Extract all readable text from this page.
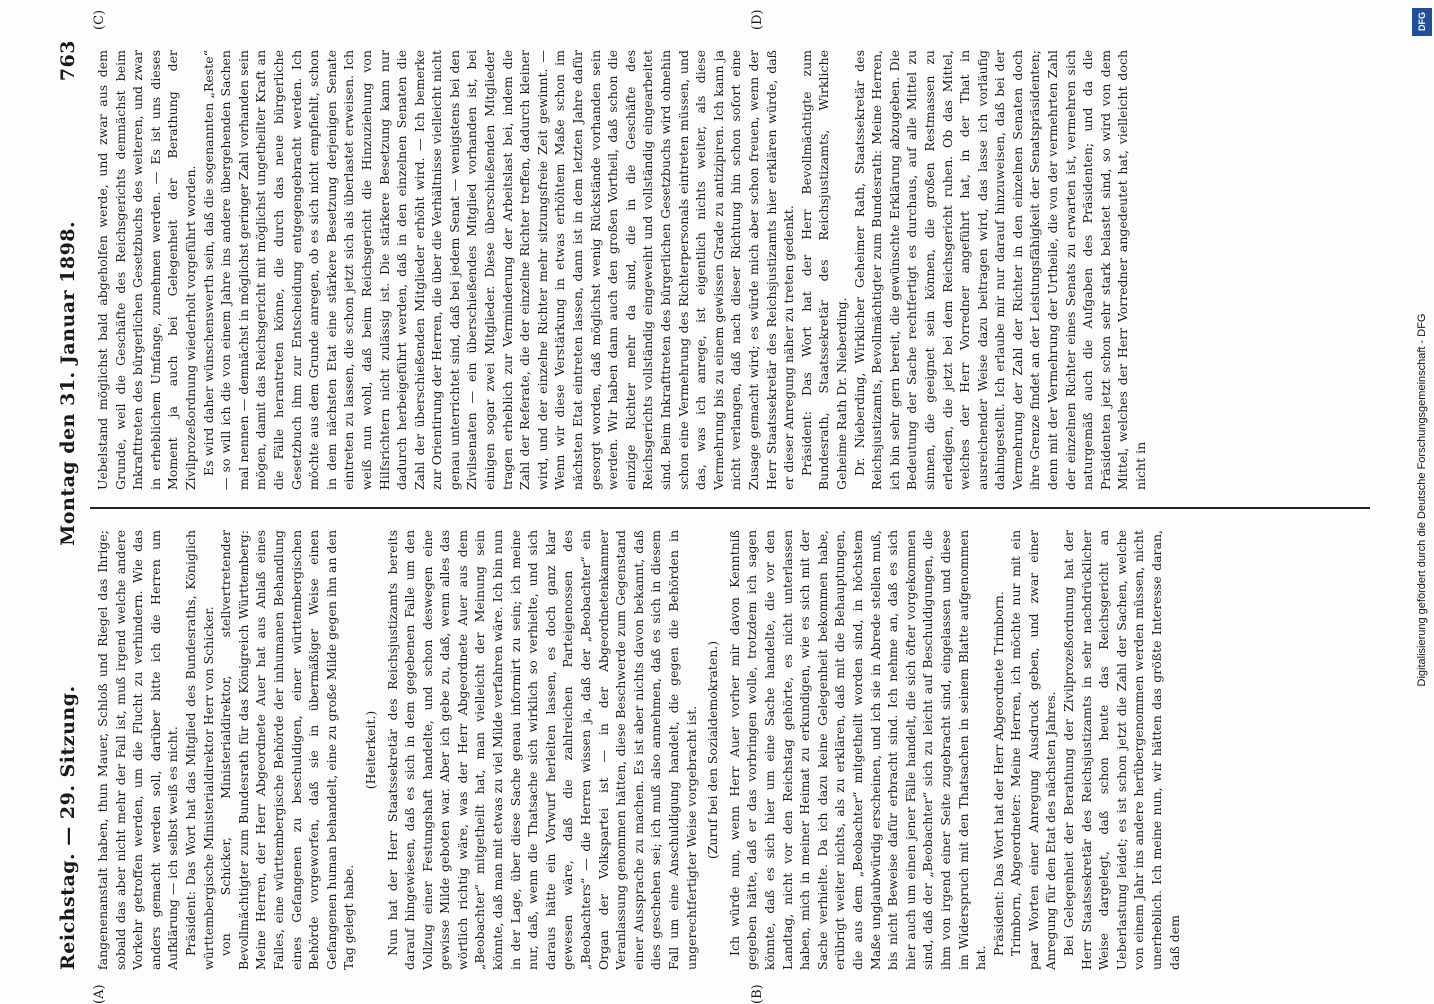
Reichstag. — 29. Sitzung.
Montag den 31. Januar 1898.
763
(A)	(B)
(C)	(D)

fangenenanstalt haben, thun Mauer, Schloß und Riegel das Ihrige; sobald das aber nicht mehr der Fall ist, muß irgend welche andere Vorkehr getroffen werden, um die Flucht zu verhindern. Wie das anders gemacht werden soll, darüber bitte ich die Herren um Aufklärung — ich selbst weiß es nicht. Präsident: Das Wort hat das Mitglied des Bundesraths, Königlich württembergische Ministerialdirektor Herr von Schicker. von Schicker, Ministerialdirektor, stellvertretender Bevollmächtigter zum Bundesrath für das Königreich Württemberg: Meine Herren, der Herr Abgeordnete Auer hat aus Anlaß eines Falles, eine württembergische Behörde der inhumanen Behandlung eines Gefangenen zu beschuldigen, einer württembergischen Behörde vorgeworfen, daß sie in übermäßiger Weise einen Gefangenen human behandelt, eine zu große Milde gegen ihn an den Tag gelegt habe.

(Heiterkeit.) Nun hat der Herr Staatssekretär des Reichsjustizamts bereits darauf hingewiesen, daß es sich in dem gegebenen Falle um den Vollzug einer Festungshaft handelte, und schon deswegen eine gewisse Milde geboten war. Aber ich gebe zu, daß, wenn alles das wörtlich richtig wäre, was der Herr Abgeordnete Auer aus dem „Beobachter“ mitgetheilt hat, man vielleicht der Meinung sein könnte, daß man mit etwas zu viel Milde verfahren wäre. Ich bin nun in der Lage, über diese Sache genau informirt zu sein; ich meine nur, daß, wenn die Thatsache sich wirklich so verhielte, und sich daraus hätte ein Vorwurf herleiten lassen, es doch ganz klar gewesen wäre, daß die zahlreichen Parteigenossen des „Beobachters“ — die Herren wissen ja, daß der „Beobachter“ ein Organ der Volkspartei ist — in der Abgeordnetenkammer Veranlassung genommen hätten, diese Beschwerde zum Gegenstand einer Aussprache zu machen. Es ist aber nichts davon bekannt, daß dies geschehen sei; ich muß also annehmen, daß es sich in diesem Fall um eine Anschuldigung handelt, die gegen die Behörden in ungerechtfertigter Weise vorgebracht ist. (Zuruf bei den Sozialdemokraten.) Ich würde nun, wenn Herr Auer vorher mir davon Kenntniß gegeben hätte, daß er das vorbringen wolle, trotzdem ich sagen könnte, daß es sich hier um eine Sache handelte, die vor den Landtag, nicht vor den Reichstag gehörte, es nicht unterlassen haben, mich in meiner Heimat zu erkundigen, wie es sich mit der Sache verhielte. Da ich dazu keine Gelegenheit bekommen habe, erübrigt weiter nichts, als zu erklären, daß mit die Behauptungen, die aus dem „Beobachter“ mitgetheilt worden sind, in höchstem Maße unglaubwürdig erscheinen, und ich sie in Abrede stellen muß, bis nicht Beweise dafür erbracht sind. Ich nehme an, daß es sich hier auch um einen jener Fälle handelt, die sich öfter vorgekommen sind, daß der „Beobachter“ sich zu leicht auf Beschuldigungen, die ihm von irgend einer Seite zugebracht sind, eingelassen und diese im Widerspruch mit den Thatsachen in seinem Blatte aufgenommen hat.

Präsident: Das Wort hat der Herr Abgeordnete Trimborn. Trimborn, Abgeordneter: Meine Herren, ich möchte nur mit ein paar Worten einer Anregung Ausdruck geben, und zwar einer Anregung für den Etat des nächsten Jahres. Bei Gelegenheit der Berathung der Zivilprozeßordnung hat der Herr Staatssekretär des Reichsjustizamts in sehr nachdrücklicher Weise dargelegt, daß schon heute das Reichsgericht an Ueberlastung leidet; es ist schon jetzt die Zahl der Sachen, welche von einem Jahr ins andere herübergenommen werden müssen, nicht unerheblich. Ich meine nun, wir hätten das größte Interesse daran, daß dem

Uebelstand möglichst bald abgeholfen werde, und zwar aus dem Grunde, weil die Geschäfte des Reichsgerichts demnächst beim Inkrafttreten des bürgerlichen Gesetzbuchs des weiteren, und zwar in erheblichem Umfange, zunehmen werden. — Es ist uns dieses Moment ja auch bei Gelegenheit der Berathung der Zivilprozeßordnung wiederholt vorgeführt worden. Es wird daher wünschenswerth sein, daß die sogenannten „Reste“ — so will ich die von einem Jahre ins andere übergehenden Sachen mal nennen — demnächst in möglichst geringer Zahl vorhanden sein mögen, damit das Reichsgericht mit möglichst ungetheilter Kraft an die Fälle herantreten könne, die durch das neue bürgerliche Gesetzbuch ihm zur Entscheidung entgegengebracht werden. Ich möchte aus dem Grunde anregen, ob es sich nicht empfiehlt, schon in dem nächsten Etat eine stärkere Besetzung derjenigen Senate eintreten zu lassen, die schon jetzt sich als überlastet erweisen. Ich weiß nun wohl, daß beim Reichsgericht die Hinzuziehung von Hilfsrichtern nicht zulässig ist. Die stärkere Besetzung kann nur dadurch herbeigeführt werden, daß in den einzelnen Senaten die Zahl der überschießenden Mitglieder erhöht wird. — Ich bemerke zur Orientirung der Herren, die über die Verhältnisse vielleicht nicht genau unterrichtet sind, daß bei jedem Senat — wenigstens bei den Zivilsenaten — ein überschießendes Mitglied vorhanden ist, bei einigen sogar zwei Mitglieder. Diese überschießenden Mitglieder tragen erheblich zur Verminderung der Arbeitslast bei, indem die Zahl der Referate, die der einzelne Richter treffen, dadurch kleiner wird, und der einzelne Richter mehr sitzungsfreie Zeit gewinnt. — Wenn wir diese Verstärkung in etwas erhöhtem Maße schon im nächsten Etat eintreten lassen, dann ist in dem letzten Jahre dafür gesorgt worden, daß möglichst wenig Rückstände vorhanden sein werden. Wir haben dann auch den großen Vortheil, daß schon die einzige Richter mehr da sind, die in die Geschäfte des Reichsgerichts vollständig eingeweiht und vollständig eingearbeitet sind. Beim Inkrafttreten des bürgerlichen Gesetzbuchs wird ohnehin schon eine Vermehrung des Richterpersonals eintreten müssen, und das, was ich anrege, ist eigentlich nichts weiter, als diese Vermehrung bis zu einem gewissen Grade zu antizipiren. Ich kann ja nicht verlangen, daß nach dieser Richtung hin schon sofort eine Zusage gemacht wird; es würde mich aber schon freuen, wenn der Herr Staatssekretär des Reichsjustizamts hier erklären würde, daß er dieser Anregung näher zu treten gedenkt. Präsident: Das Wort hat der Herr Bevollmächtigte zum Bundesrath, Staatssekretär des Reichsjustizamts, Wirkliche Geheime Rath Dr. Nieberding. Dr. Nieberding, Wirklicher Geheimer Rath, Staatssekretär des Reichsjustizamts, Bevollmächtigter zum Bundesrath: Meine Herren, ich bin sehr gern bereit, die gewünschte Erklärung abzugeben. Die Bedeutung der Sache rechtfertigt es durchaus, auf alle Mittel zu sinnen, die geeignet sein können, die großen Restmassen zu erledigen, die jetzt bei dem Reichsgericht ruhen. Ob das Mittel, welches der Herr Vorredner angeführt hat, in der That in ausreichender Weise dazu beitragen wird, das lasse ich vorläufig dahingestellt. Ich erlaube mir nur darauf hinzuweisen, daß bei der Vermehrung der Zahl der Richter in den einzelnen Senaten doch ihre Grenze findet an der Leistungsfähigkeit der Senatspräsidenten; denn mit der Vermehrung der Urtheile, die von der vermehrten Zahl der einzelnen Richter eines Senats zu erwarten ist, vermehren sich naturgemäß auch die Aufgaben des Präsidenten; und da die Präsidenten jetzt schon sehr stark belastet sind, so wird von dem Mittel, welches der Herr Vorredner angedeutet hat, vielleicht doch nicht in

DFG
Digitalisierung gefördert durch die Deutsche Forschungsgemeinschaft - DFG
